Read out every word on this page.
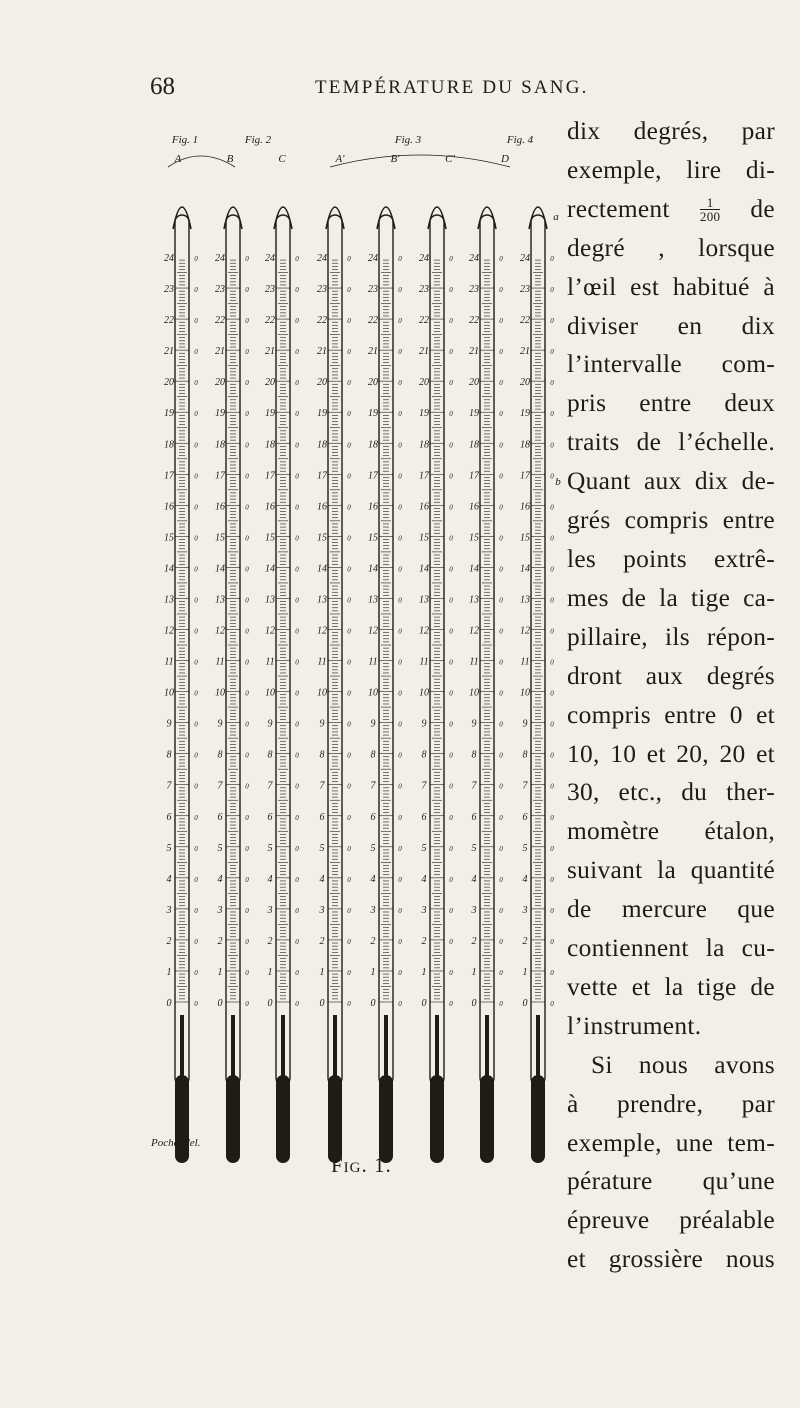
68	TEMPÉRATURE DU SANG.
dix degrés, par
exemple, lire di-
rectement $\frac{1}{200}$ de
degré , lorsque
l’œil est habitué à
diviser en dix
l’intervalle com-
pris entre deux
traits de l’échelle.
Quant aux dix de-
grés compris entre
les points extrê-
mes de la tige ca-
pillaire, ils répon-
dront aux degrés
compris entre 0 et
10, 10 et 20, 20 et
30, etc., du ther-
momètre étalon,
suivant la quantité
de mercure que
contiennent la cu-
vette et la tige de
l’instrument.
Si nous avons
à prendre, par
exemple, une tem-
pérature qu’une
épreuve préalable
et grossière nous
0	0
1	0
2	0
3	0
4	0
5	0
6	0
7	0
8	0
9	0
10	0
11	0
12	0
13	0
14	0
15	0
16	0
17	0
18	0
19	0
20	0
21	0
22	0
23	0
24	0
0	0
1	0
2	0
3	0
4	0
5	0
6	0
7	0
8	0
9	0
10	0
11	0
12	0
13	0
14	0
15	0
16	0
17	0
18	0
19	0
20	0
21	0
22	0
23	0
24	0
0	0
1	0
2	0
3	0
4	0
5	0
6	0
7	0
8	0
9	0
10	0
11	0
12	0
13	0
14	0
15	0
16	0
17	0
18	0
19	0
20	0
21	0
22	0
23	0
24	0
0	0
1	0
2	0
3	0
4	0
5	0
6	0
7	0
8	0
9	0
10	0
11	0
12	0
13	0
14	0
15	0
16	0
17	0
18	0
19	0
20	0
21	0
22	0
23	0
24	0
0	0
1	0
2	0
3	0
4	0
5	0
6	0
7	0
8	0
9	0
10	0
11	0
12	0
13	0
14	0
15	0
16	0
17	0
18	0
19	0
20	0
21	0
22	0
23	0
24	0
0	0
1	0
2	0
3	0
4	0
5	0
6	0
7	0
8	0
9	0
10	0
11	0
12	0
13	0
14	0
15	0
16	0
17	0
18	0
19	0
20	0
21	0
22	0
23	0
24	0
0	0
1	0
2	0
3	0
4	0
5	0
6	0
7	0
8	0
9	0
10	0
11	0
12	0
13	0
14	0
15	0
16	0
17	0
18	0
19	0
20	0
21	0
22	0
23	0
24	0
0	0
1	0
2	0
3	0
4	0
5	0
6	0
7	0
8	0
9	0
10	0
11	0
12	0
13	0
14	0
15	0
16	0
17	0
18	0
19	0
20	0
21	0
22	0
23	0
24	0
Fig. 1	Fig. 2	Fig. 3	Fig. 4
A	B	C	A'	B'	C'	D
a
b
Pochet del.
Fig. 1.
